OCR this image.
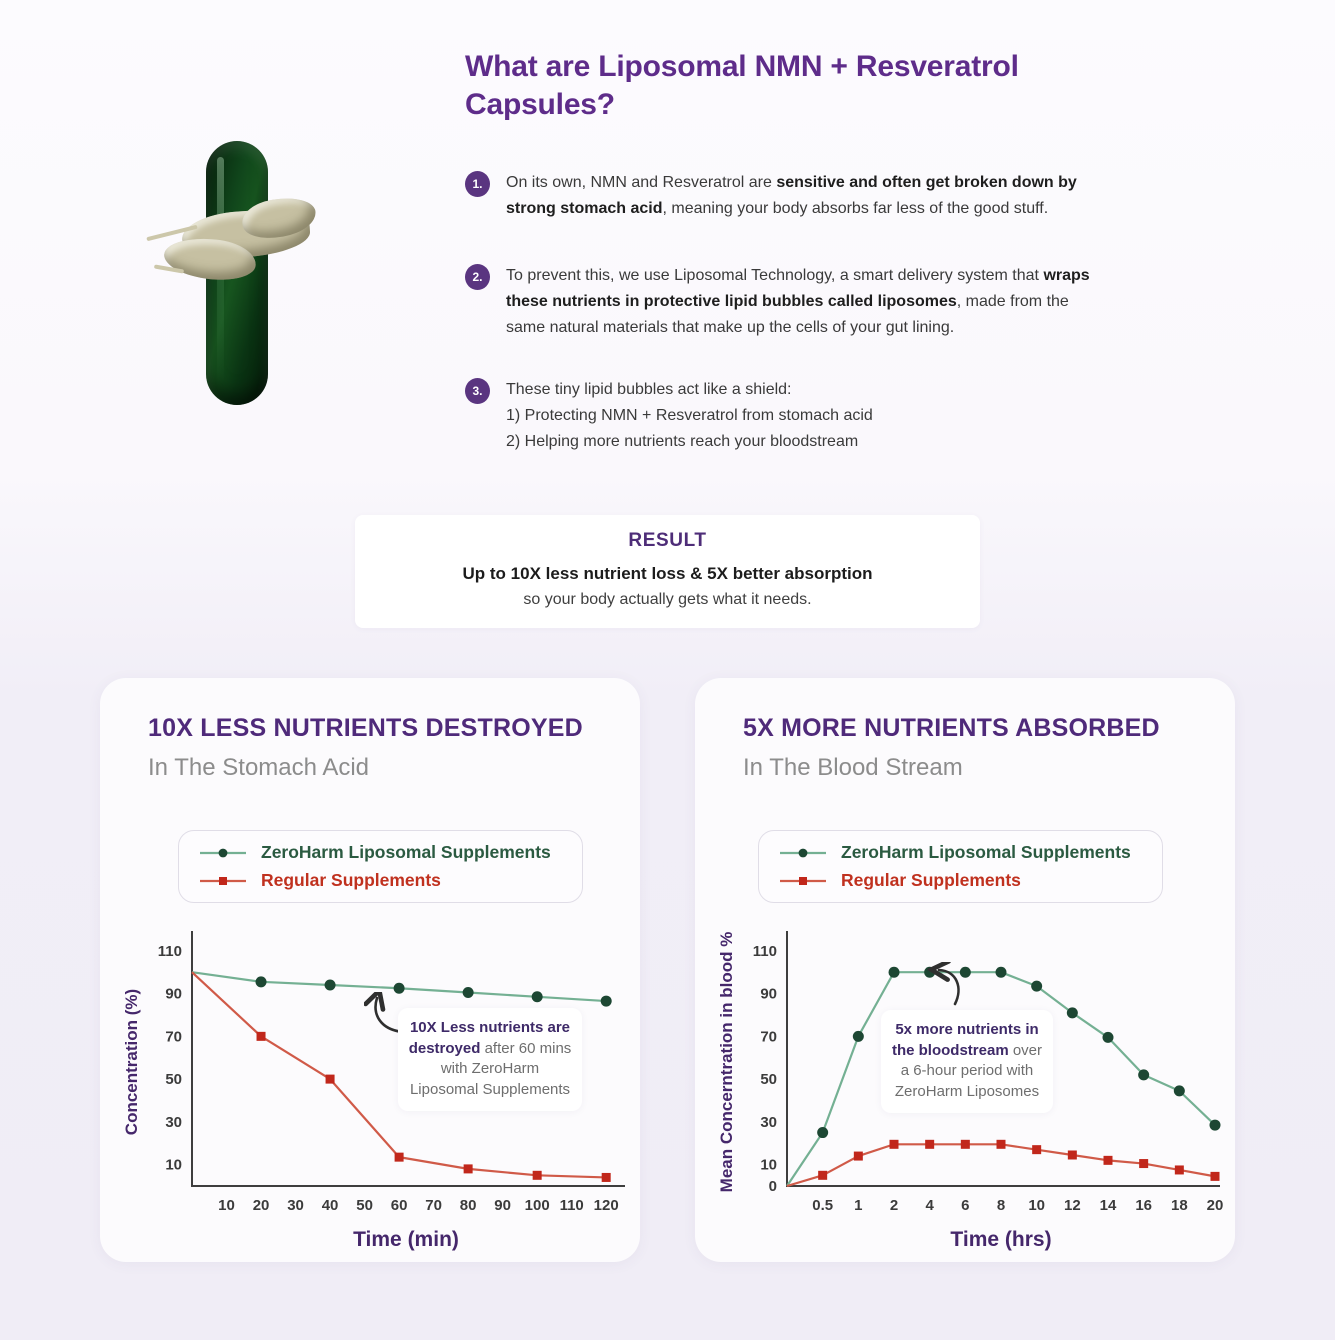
What are Liposomal NMN + Resveratrol
Capsules?
1.	On its own, NMN and Resveratrol are sensitive and often get broken down by strong stomach acid, meaning your body absorbs far less of the good stuff.

2.	To prevent this, we use Liposomal Technology, a smart delivery system that wraps these nutrients in protective lipid bubbles called liposomes, made from the same natural materials that make up the cells of your gut lining.

3.	These tiny lipid bubbles act like a shield:
1) Protecting NMN + Resveratrol from stomach acid
2) Helping more nutrients reach your bloodstream

RESULT
Up to 10X less nutrient loss & 5X better absorption
so your body actually gets what it needs.
10X LESS NUTRIENTS DESTROYED
In The Stomach Acid
ZeroHarm Liposomal Supplements
Regular Supplements
10
30
50
70
90
110
10 20 30 40 50 60 70 80 90 100 110 120
Time (min)
Concentration (%)	10X Less nutrients are destroyed after 60 mins with ZeroHarm Liposomal Supplements
5X MORE NUTRIENTS ABSORBED
In The Blood Stream
ZeroHarm Liposomal Supplements
Regular Supplements
0
10
30
50
70
90
110
0.5 1 2 4 6 8 10 12 14 16 18 20
Time (hrs)
Mean Concerntration in blood %	5x more nutrients in the bloodstream over a 6-hour period with ZeroHarm Liposomes
